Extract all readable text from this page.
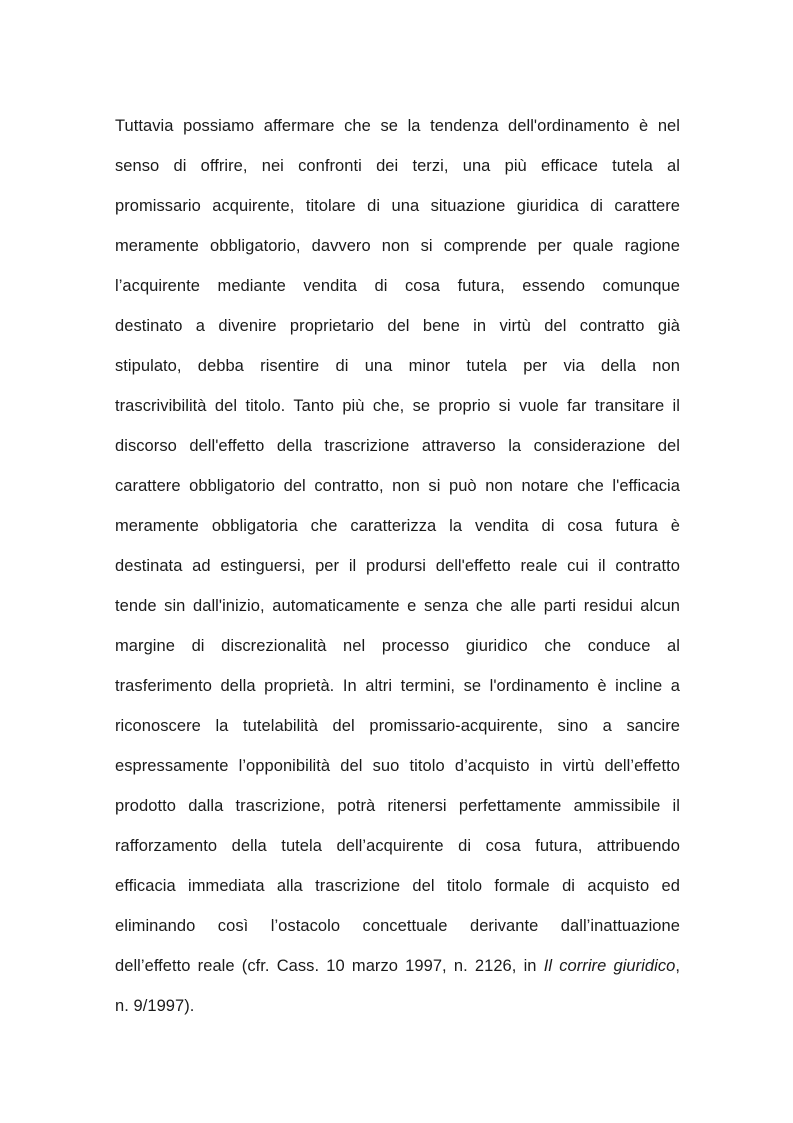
Tuttavia possiamo affermare che se la tendenza dell'ordinamento è nel
senso di offrire, nei confronti dei terzi, una più efficace tutela al
promissario acquirente, titolare di una situazione giuridica di carattere
meramente obbligatorio, davvero non si comprende per quale ragione
l’acquirente mediante vendita di cosa futura, essendo comunque
destinato a divenire proprietario del bene in virtù del contratto già
stipulato, debba risentire di una minor tutela per via della non
trascrivibilità del titolo. Tanto più che, se proprio si vuole far transitare il
discorso dell'effetto della trascrizione attraverso la considerazione del
carattere obbligatorio del contratto, non si può non notare che l'efficacia
meramente obbligatoria che caratterizza la vendita di cosa futura è
destinata ad estinguersi, per il prodursi dell'effetto reale cui il contratto
tende sin dall'inizio, automaticamente e senza che alle parti residui alcun
margine di discrezionalità nel processo giuridico che conduce al
trasferimento della proprietà. In altri termini, se l'ordinamento è incline a
riconoscere la tutelabilità del promissario-acquirente, sino a sancire
espressamente l’opponibilità del suo titolo d’acquisto in virtù dell’effetto
prodotto dalla trascrizione, potrà ritenersi perfettamente ammissibile il
rafforzamento della tutela dell’acquirente di cosa futura, attribuendo
efficacia immediata alla trascrizione del titolo formale di acquisto ed
eliminando così l’ostacolo concettuale derivante dall’inattuazione
dell’effetto reale (cfr. Cass. 10 marzo 1997, n. 2126, in Il corrire giuridico,
n. 9/1997).
